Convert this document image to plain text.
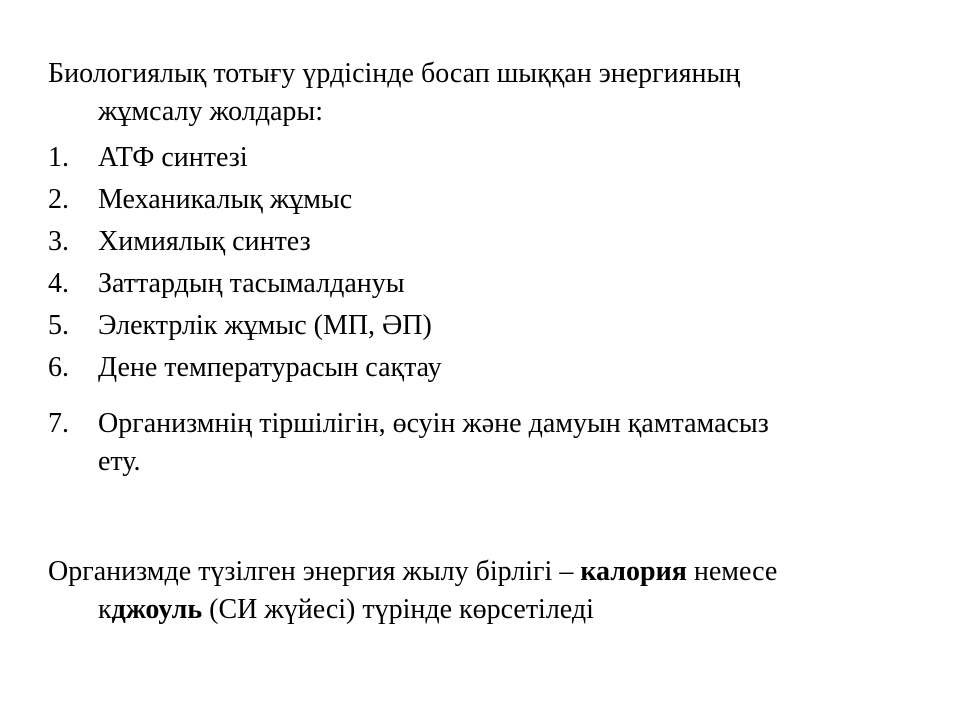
Биологиялық тотығу үрдісінде босап шыққан энергияның
жұмсалу жолдары:
1.	АТФ синтезі
2.	Механикалық жұмыс
3.	Химиялық синтез
4.	Заттардың тасымалдануы
5.	Электрлік жұмыс (МП, ӘП)
6.	Дене температурасын сақтау
7.	Организмнің тіршілігін, өсуін және дамуын қамтамасыз
ету.
Организмде түзілген энергия жылу бірлігі – калория немесе
кджоуль (СИ жүйесі) түрінде көрсетіледі
